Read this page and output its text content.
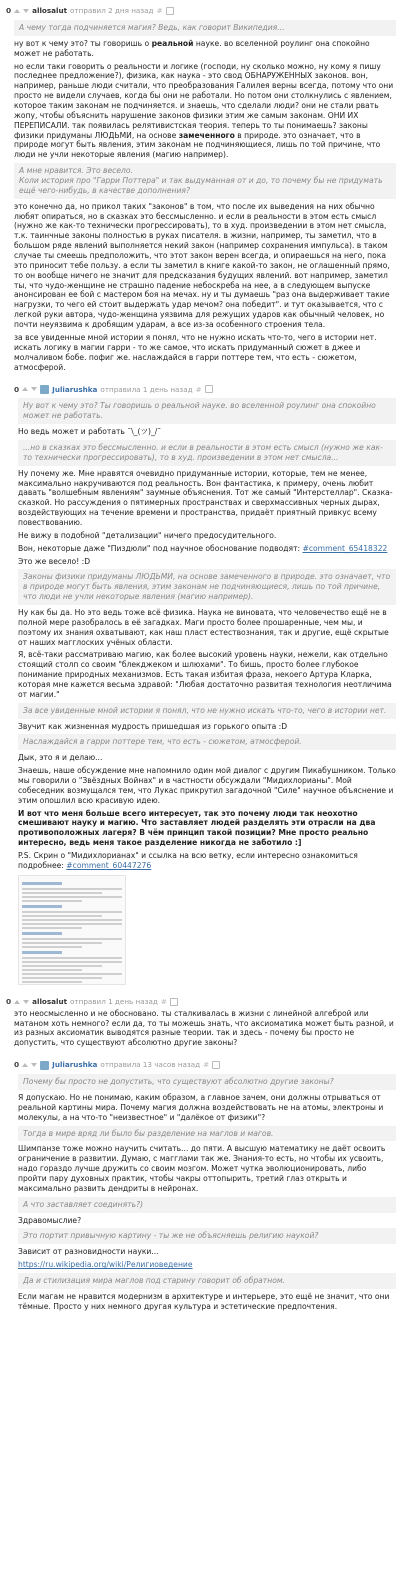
0	allosalut отправил 2 дня назад #
А чему тогда подчиняется магия? Ведь, как говорит Википедия...

ну вот к чему это? ты говоришь о реальной науке. во вселенной роулинг она спокойно может не работать.

но если таки говорить о реальности и логике (господи, ну сколько можно, ну кому я пишу последнее предложение?), физика, как наука - это свод ОБНАРУЖЕННЫХ законов. вон, например, раньше люди считали, что преобразования Галилея верны всегда, потому что они просто не видели случаев, когда бы они не работали. Но потом они столкнулись с явлением, которое таким законам не подчиняется. и знаешь, что сделали люди? они не стали рвать жопу, чтобы объяснить нарушение законов физики этим же самым законам. ОНИ ИХ ПЕРЕПИСАЛИ. так появилась релятивистская теория. теперь то ты понимаешь? законы физики придуманы ЛЮДЬМИ, на основе замеченного в природе. это означает, что в природе могут быть явления, этим законам не подчиняющиеся, лишь по той причине, что люди не учли некоторые явления (магию например).

А мне нравится. Это весело.
Коли история про "Гарри Поттера" и так выдуманная от и до, то почему бы не придумать ещё чего-нибудь, в качестве дополнения?

это конечно да, но прикол таких "законов" в том, что после их выведения на них обычно любят опираться, но в сказках это бессмысленно. и если в реальности в этом есть смысл (нужно же как-то технически прогрессировать), то в худ. произведении в этом нет смысла, т.к. таинчные законы полностью в руках писателя. в жизни, например, ты заметил, что в большом ряде явлений выполняется некий закон (например сохранения импульса). в таком случае ты смеешь предположить, что этот закон верен всегда, и опираешься на него, пока это приносит тебе пользу. а если ты заметил в книге какой-то закон, не оглашенный прямо, то он вообще ничего не значит для предсказания будущих явлений. вот например, заметил ты, что чудо-женщине не страшно падение небоскреба на нее, а в следующем выпуске анонсирован ее бой с мастером боя на мечах. ну и ты думаешь "раз она выдерживает такие нагрузки, то чего ей стоит выдержать удар мечом? она победит". и тут оказывается, что с легкой руки автора, чудо-женщина уязвима для режущих ударов как обычный человек, но почти неуязвима к дробящим ударам, а все из-за особенного строения тела.

за все увиденные мной истории я понял, что не нужно искать что-то, чего в истории нет. искать логику в магии гарри - то же самое, что искать придуманный сюжет в джее и молчаливом бобе. пофиг же. наслаждайся в гарри поттере тем, что есть - сюжетом, атмосферой.

0	Juliarushka отправила 1 день назад #
Ну вот к чему это? Ты говоришь о реальной науке. во вселенной роулинг она спокойно может не работать.

Но ведь может и работать ¯\_(ツ)_/¯

...но в сказках это бессмысленно. и если в реальности в этом есть смысл (нужно же как-то технически прогрессировать), то в худ. произведении в этом нет смысла...

Ну почему же. Мне нравятся очевидно придуманные истории, которые, тем не менее, максимально накручиваются под реальность. Вон фантастика, к примеру, очень любит давать "волшебным явлениям" заумные объяснения. Тот же самый "Интерстеллар". Сказка-сказкой. Но рассуждения о пятимерных пространствах и сверхмассивных черных дырах, воздействующих на течение времени и пространства, придаёт приятный привкус всему повествованию.

Не вижу в подобной "детализации" ничего предосудительного.

Вон, некоторые даже "Пиздюли" под научное обоснование подводят: #comment_65418322

Это же весело! :D

Законы физики придуманы ЛЮДЬМИ, на основе замеченного в природе. это означает, что в природе могут быть явления, этим законам не подчиняющиеся, лишь по той причине, что люди не учли некоторые явления (магию например).

Ну как бы да. Но это ведь тоже всё физика. Наука не виновата, что человечество ещё не в полной мере разобралось в её загадках. Маги просто более прошаренные, чем мы, и поэтому их знания охватывают, как наш пласт естествознания, так и другие, ещё скрытые от наших магглоских учёных области.

Я, всё-таки рассматриваю магию, как более высокий уровень науки, нежели, как отдельно стоящий столп со своим "блекджеком и шлюхами". То бишь, просто более глубокое понимание природных механизмов. Есть такая избитая фраза, некоего Артура Кларка, которая мне кажется весьма здравой: "Любая достаточно развитая технология неотличима от магии."

За все увиденные мной истории я понял, что не нужно искать что-то, чего в истории нет.

Звучит как жизненная мудрость пришедшая из горького опыта :D

Наслаждайся в гарри поттере тем, что есть - сюжетом, атмосферой.

Дык, это я и делаю...

Знаешь, наше обсуждение мне напомнило один мой диалог с другим Пикабушником. Только мы говорили о "Звёздных Войнах" и в частности обсуждали "Мидихлорианы". Мой собеседник возмущался тем, что Лукас прикрутил загадочной "Силе" научное объяснение и этим опошлил всю красивую идею.

И вот что меня больше всего интересует, так это почему люди так неохотно смешивают науку и магию. Что заставляет людей разделять эти отрасли на два противоположных лагеря? В чём принцип такой позиции? Мне просто реально интересно, ведь меня такое разделение никогда не заботило :]

P.S. Скрин о "Мидихлорианах" и ссылка на всю ветку, если интересно ознакомиться подробнее: #comment_60447276

0	allosalut отправил 1 день назад #

это неосмысленно и не обосновано. ты сталкивалась в жизни с линейной алгеброй или матаном хоть немного? если да, то ты можешь знать, что аксиоматика может быть разной, и из разных аксиоматик выводятся разные теории. так и здесь - почему бы просто не допустить, что существуют абсолютно другие законы?

0	Juliarushka отправила 13 часов назад #
Почему бы просто не допустить, что существуют абсолютно другие законы?

Я допускаю. Но не понимаю, каким образом, а главное зачем, они должны отрываться от реальной картины мира. Почему магия должна воздействовать не на атомы, электроны и молекулы, а на что-то "неизвестное" и "далёкое от физики"?

Тогда в мире вряд ли было бы разделение на маглов и магов.

Шимпанзе тоже можно научить считать... до пяти. А высшую математику не даёт освоить ограничение в развитии. Думаю, с магглами так же. Знания-то есть, но чтобы их усвоить, надо гораздо лучше дружить со своим мозгом. Может чутка эволюционировать, либо пройти пару духовных практик, чтобы чакры оттопырить, третий глаз открыть и максимально развить дендриты в нейронах.

А что заставляет соединять?)

Здравомыслие?

Это портит привычную картину - ты же не объясняешь религию наукой?

Зависит от разновидности науки...

https://ru.wikipedia.org/wiki/Религиоведение

Да и стилизация мира маглов под старину говорит об обратном.

Если магам не нравится модернизм в архитектуре и интерьере, это ещё не значит, что они тёмные. Просто у них немного другая культура и эстетические предпочтения.
